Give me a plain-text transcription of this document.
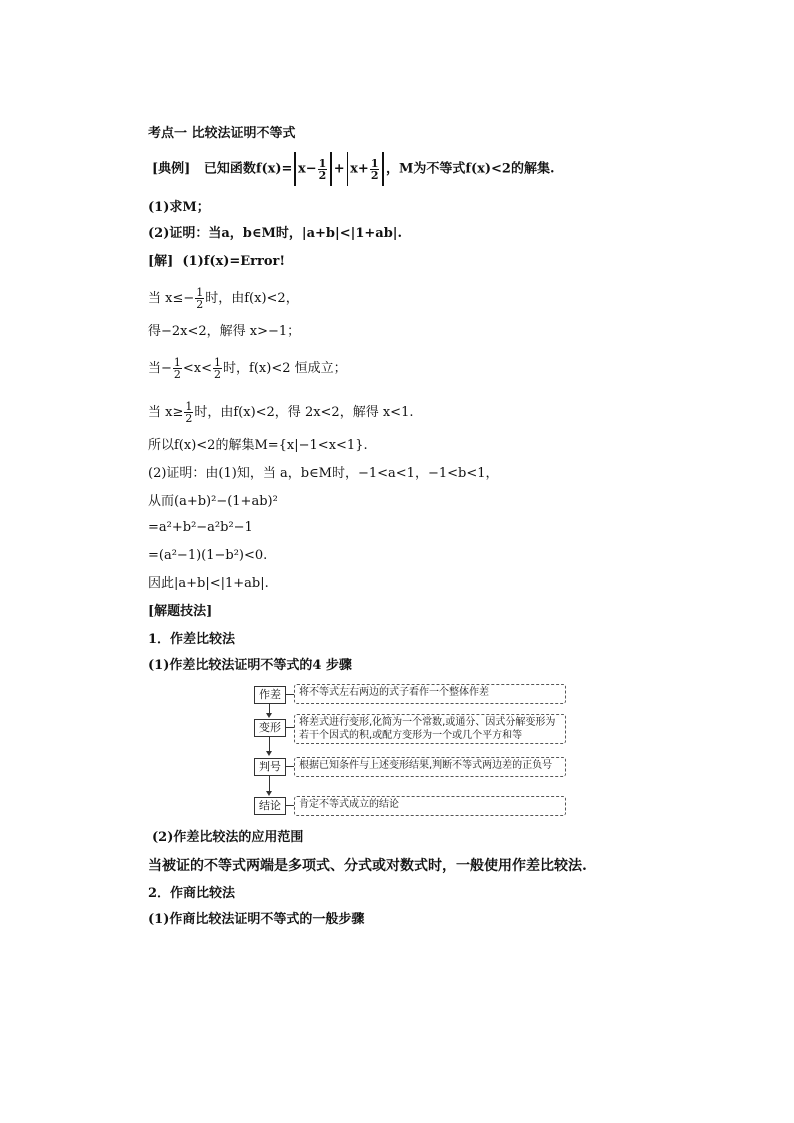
考点一 比较法证明不等式
[典例] 已知函数$f(x)= x- \frac{1}{2} + x+ \frac{1}{2}$ ，M为不等式f(x)<2的解集.
(1)求M；
(2)证明：当a，b∈M时，|a+b|<|1+ab|.
[解] (1)f(x)=Error!
当 $x\le- \frac{1}{2}$ 时，由f(x)<2，
得−2x<2，解得 x>−1；
当− $\frac{1}{2} <x< \frac{1}{2}$ 时，f(x)<2 恒成立；
当 $x\ge \frac{1}{2}$ 时，由f(x)<2，得 2x<2，解得 x<1.
所以f(x)<2的解集M={x|−1<x<1}.
(2)证明：由(1)知，当 a，b∈M时，−1<a<1，−1<b<1，
从而(a+b)²−(1+ab)²
=a²+b²−a²b²−1
=(a²−1)(1−b²)<0.
因此|a+b|<|1+ab|.
[解题技法]
1．作差比较法
(1)作差比较法证明不等式的4 步骤
作差	将不等式左右两边的式子看作一个整体作差
变形	将差式进行变形,化简为一个常数,或通分、因式分解变形为若干个因式的积,或配方变形为一个或几个平方和等
判号	根据已知条件与上述变形结果,判断不等式两边差的正负号
结论	肯定不等式成立的结论
(2)作差比较法的应用范围
当被证的不等式两端是多项式、分式或对数式时，一般使用作差比较法.
2．作商比较法
(1)作商比较法证明不等式的一般步骤
